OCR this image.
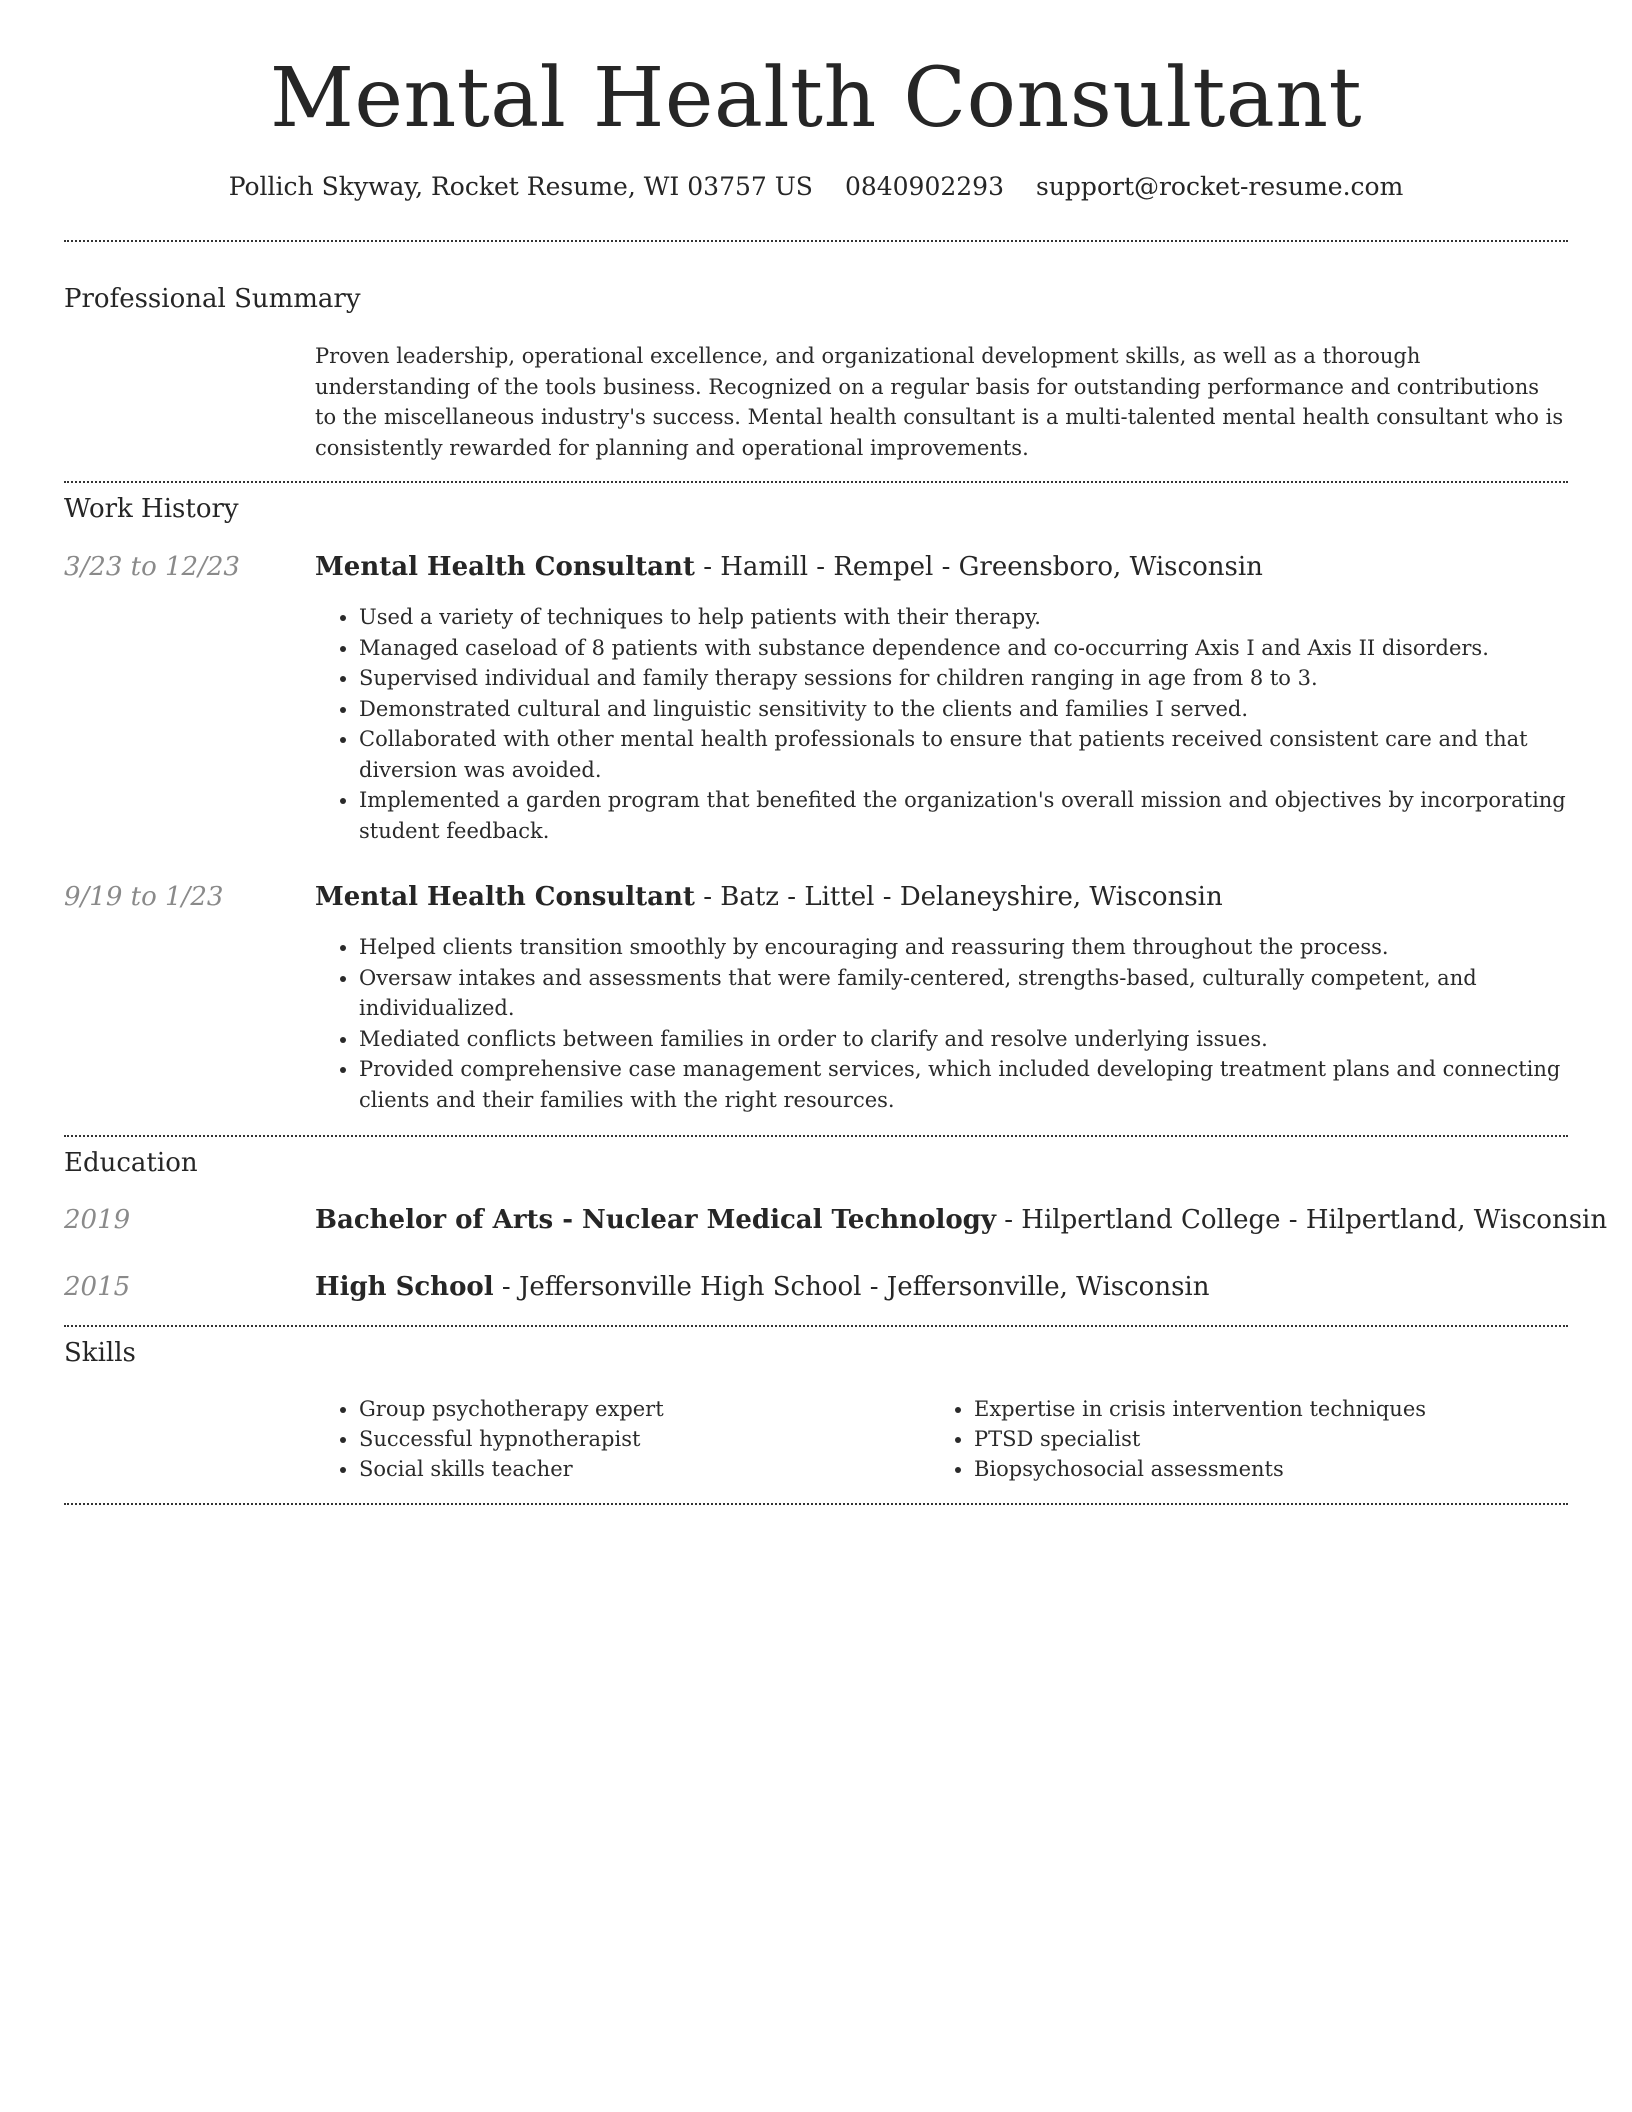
Mental Health Consultant
Pollich Skyway, Rocket Resume, WI 03757 US 0840902293 support@rocket-resume.com
Professional Summary

Proven leadership, operational excellence, and organizational development skills, as well as a thorough understanding of the tools business. Recognized on a regular basis for outstanding performance and contributions to the miscellaneous industry's success. Mental health consultant is a multi-talented mental health consultant who is consistently rewarded for planning and operational improvements.

Work History
3/23 to 12/23	Mental Health Consultant - Hamill - Rempel - Greensboro, Wisconsin
• Used a variety of techniques to help patients with their therapy.
• Managed caseload of 8 patients with substance dependence and co-occurring Axis I and Axis II disorders.
• Supervised individual and family therapy sessions for children ranging in age from 8 to 3.
• Demonstrated cultural and linguistic sensitivity to the clients and families I served.
• Collaborated with other mental health professionals to ensure that patients received consistent care and that diversion was avoided.
• Implemented a garden program that benefited the organization's overall mission and objectives by incorporating student feedback.
9/19 to 1/23	Mental Health Consultant - Batz - Littel - Delaneyshire, Wisconsin
• Helped clients transition smoothly by encouraging and reassuring them throughout the process.
• Oversaw intakes and assessments that were family-centered, strengths-based, culturally competent, and individualized.
• Mediated conflicts between families in order to clarify and resolve underlying issues.
• Provided comprehensive case management services, which included developing treatment plans and connecting clients and their families with the right resources.
Education
2019	Bachelor of Arts - Nuclear Medical Technology - Hilpertland College - Hilpertland, Wisconsin
2015	High School - Jeffersonville High School - Jeffersonville, Wisconsin
Skills
• Group psychotherapy expert
• Successful hypnotherapist
• Social skills teacher
• Expertise in crisis intervention techniques
• PTSD specialist
• Biopsychosocial assessments
